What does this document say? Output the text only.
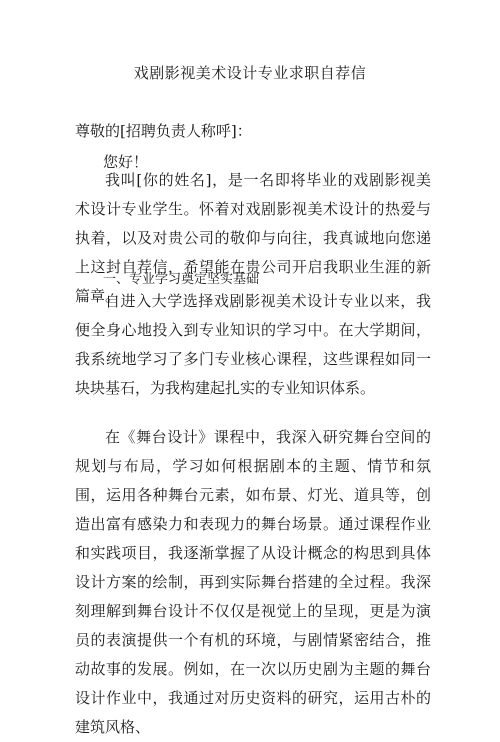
戏剧影视美术设计专业求职自荐信
尊敬的[招聘负责人称呼]：
您好！

我叫[你的姓名]，是一名即将毕业的戏剧影视美术设计专业学生。怀着对戏剧影视美术设计的热爱与执着，以及对贵公司的敬仰与向往，我真诚地向您递上这封自荐信，希望能在贵公司开启我职业生涯的新篇章。

一、专业学习奠定坚实基础

自进入大学选择戏剧影视美术设计专业以来，我便全身心地投入到专业知识的学习中。在大学期间，我系统地学习了多门专业核心课程，这些课程如同一块块基石，为我构建起扎实的专业知识体系。

在《舞台设计》课程中，我深入研究舞台空间的规划与布局，学习如何根据剧本的主题、情节和氛围，运用各种舞台元素，如布景、灯光、道具等，创造出富有感染力和表现力的舞台场景。通过课程作业和实践项目，我逐渐掌握了从设计概念的构思到具体设计方案的绘制，再到实际舞台搭建的全过程。我深刻理解到舞台设计不仅仅是视觉上的呈现，更是为演员的表演提供一个有机的环境，与剧情紧密结合，推动故事的发展。例如，在一次以历史剧为主题的舞台设计作业中，我通过对历史资料的研究，运用古朴的建筑风格、
